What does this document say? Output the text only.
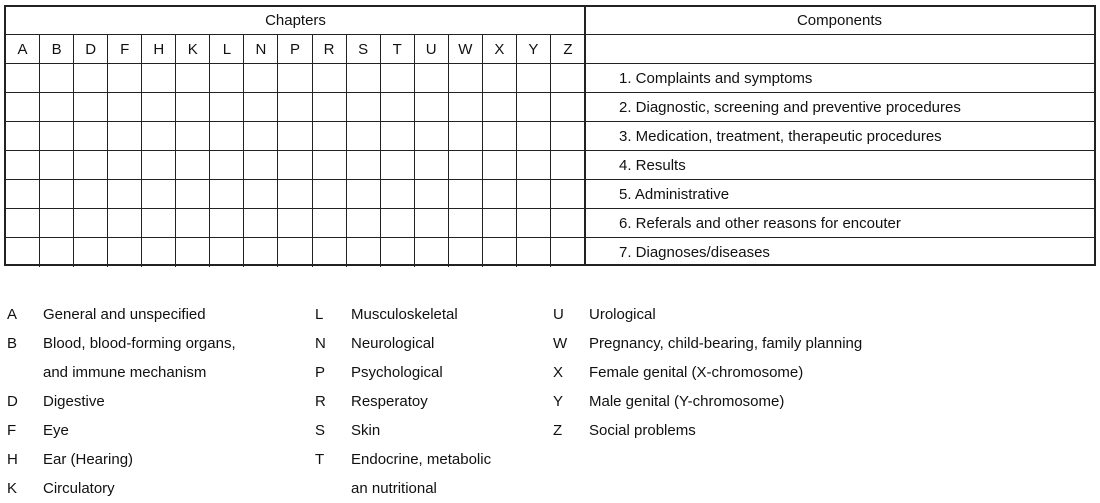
Chapters	Components
A	B	D	F	H	K	L	N	P	R	S	T	U	W	X	Y	Z
1. Complaints and symptoms
2. Diagnostic, screening and preventive procedures
3. Medication, treatment, therapeutic procedures
4. Results
5. Administrative
6. Referals and other reasons for encouter
7. Diagnoses/diseases
A General and unspecified
B Blood, blood-forming organs,
and immune mechanism
D Digestive
F Eye
H Ear (Hearing)
K Circulatory
L Musculoskeletal
N Neurological
P Psychological
R Resperatoy
S Skin
T Endocrine, metabolic
an nutritional
U Urological
W Pregnancy, child-bearing, family planning
X Female genital (X-chromosome)
Y Male genital (Y-chromosome)
Z Social problems
